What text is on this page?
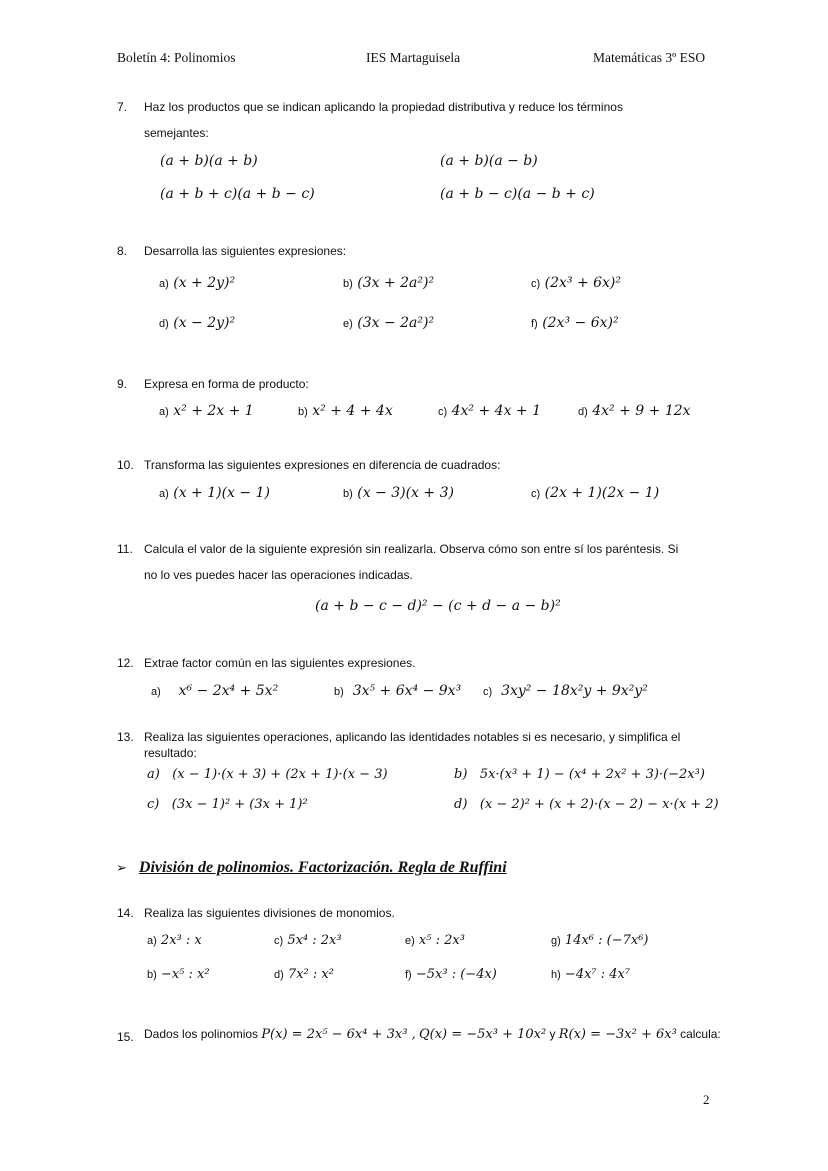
Boletín 4: Polinomios	IES Martaguisela	Matemáticas 3º ESO
7. Haz los productos que se indican aplicando la propiedad distributiva y reduce los términos
semejantes:
(a + b)(a + b)	(a + b)(a − b)
(a + b + c)(a + b − c)	(a + b − c)(a − b + c)
8. Desarrolla las siguientes expresiones:
a) (x + 2y)²	b) (3x + 2a²)²	c) (2x³ + 6x)²
d) (x − 2y)²	e) (3x − 2a²)²	f) (2x³ − 6x)²
9. Expresa en forma de producto:
a) x² + 2x + 1	b) x² + 4 + 4x	c) 4x² + 4x + 1	d) 4x² + 9 + 12x
10. Transforma las siguientes expresiones en diferencia de cuadrados:
a) (x + 1)(x − 1)	b) (x − 3)(x + 3)	c) (2x + 1)(2x − 1)
11. Calcula el valor de la siguiente expresión sin realizarla. Observa cómo son entre sí los paréntesis. Si
no lo ves puedes hacer las operaciones indicadas.
(a + b − c − d)² − (c + d − a − b)²
12. Extrae factor común en las siguientes expresiones.
a) x⁶ − 2x⁴ + 5x²	b) 3x⁵ + 6x⁴ − 9x³ c) 3xy² − 18x²y + 9x²y²
13. Realiza las siguientes operaciones, aplicando las identidades notables si es necesario, y simplifica el
resultado:
a) (x − 1)·(x + 3) + (2x + 1)·(x − 3)	b) 5x·(x³ + 1) − (x⁴ + 2x² + 3)·(−2x³)
c) (3x − 1)² + (3x + 1)²	d) (x − 2)² + (x + 2)·(x − 2) − x·(x + 2)
➢ División de polinomios. Factorización. Regla de Ruffini
14. Realiza las siguientes divisiones de monomios.
a) 2x³ : x	c) 5x⁴ : 2x³	e) x⁵ : 2x³	g) 14x⁶ : (−7x⁶)
b) −x⁵ : x²	d) 7x² : x²	f) −5x³ : (−4x)	h) −4x⁷ : 4x⁷
15. Dados los polinomios P(x) = 2x⁵ − 6x⁴ + 3x³ , Q(x) = −5x³ + 10x² y R(x) = −3x² + 6x³ calcula:
2
